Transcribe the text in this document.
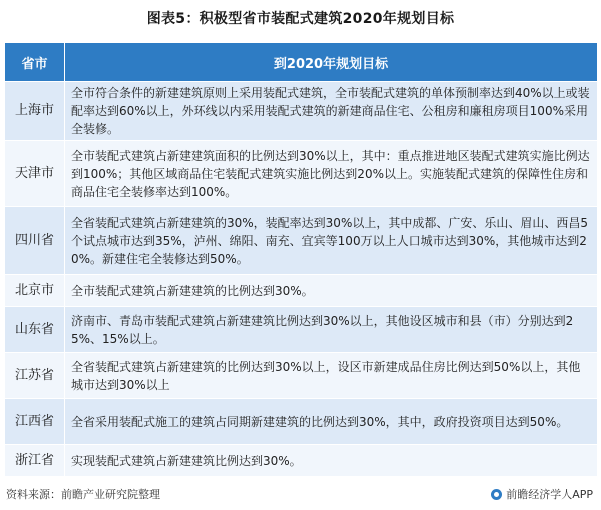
图表5：积极型省市装配式建筑2020年规划目标
省市	到2020年规划目标
上海市	全市符合条件的新建建筑原则上采用装配式建筑，全市装配式建筑的单体预制率达到40%以上或装配率达到60%以上，外环线以内采用装配式建筑的新建商品住宅、公租房和廉租房项目100%采用全装修。
天津市	全市装配式建筑占新建建筑面积的比例达到30%以上，其中：重点推进地区装配式建筑实施比例达到100%；其他区域商品住宅装配式建筑实施比例达到20%以上。实施装配式建筑的保障性住房和商品住宅全装修率达到100%。
四川省	全省装配式建筑占新建建筑的30%，装配率达到30%以上，其中成都、广安、乐山、眉山、西昌5个试点城市达到35%，泸州、绵阳、南充、宜宾等100万以上人口城市达到30%，其他城市达到20%。新建住宅全装修达到50%。
北京市	全市装配式建筑占新建建筑的比例达到30%。
山东省	济南市、青岛市装配式建筑占新建建筑比例达到30%以上，其他设区城市和县（市）分别达到25%、15%以上。
江苏省	全省装配式建筑占新建建筑的比例达到30%以上，设区市新建成品住房比例达到50%以上，其他城市达到30%以上
江西省	全省采用装配式施工的建筑占同期新建建筑的比例达到30%，其中，政府投资项目达到50%。
浙江省	实现装配式建筑占新建建筑比例达到30%。
资料来源：前瞻产业研究院整理	前瞻经济学人APP
